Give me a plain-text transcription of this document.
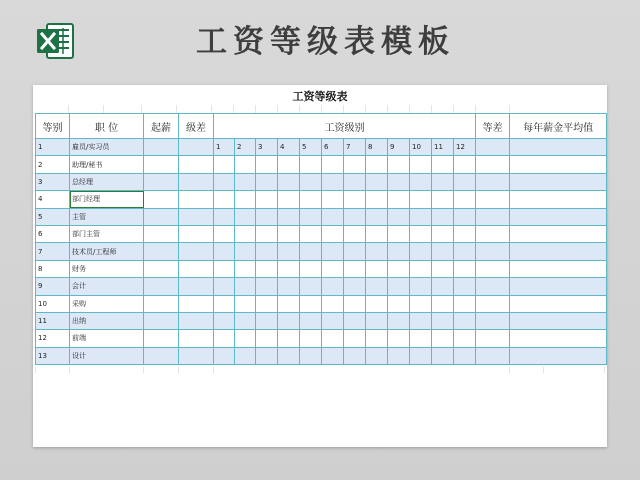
工资等级表模板
工资等级表
等别	职 位	起薪	级差	工资级别												等差	每年薪金平均值
1	雇员/实习员			1	2	3	4	5	6	7	8	9	10	11	12		
2	助理/秘书																
3	总经理																
4	部门经理																
5	主管																
6	部门主管																
7	技术员/工程师																
8	财务																
9	会计																
10	采购																
11	出纳																
12	前端																
13	设计																
